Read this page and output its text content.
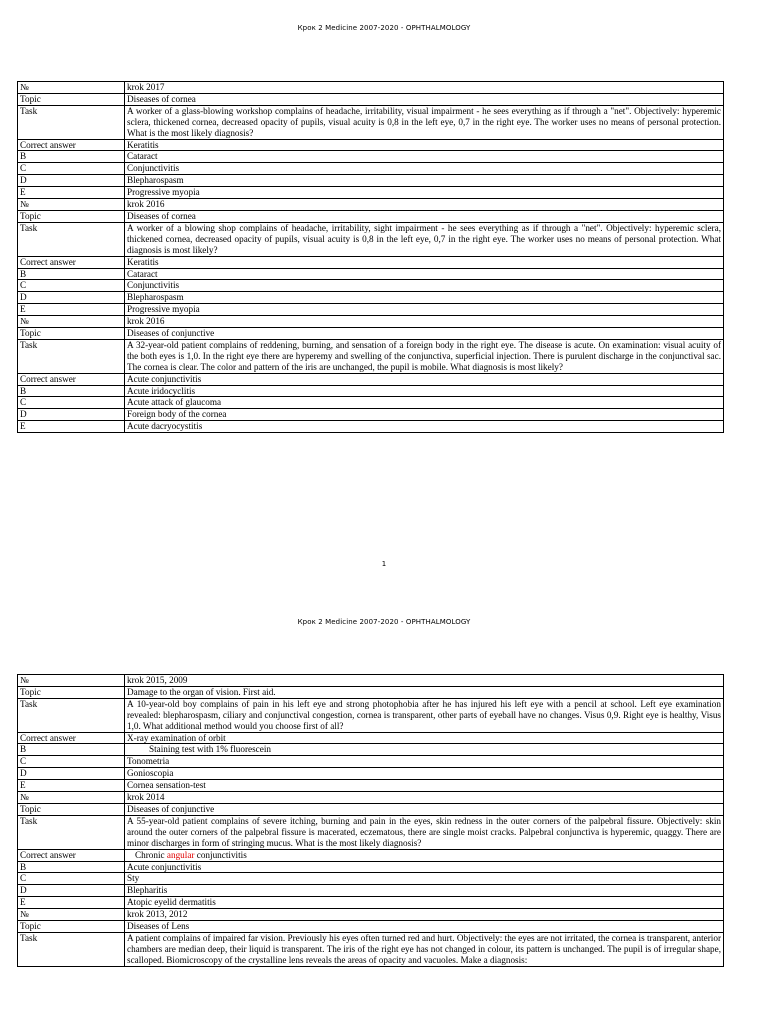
Крок 2 Medicine 2007-2020 - OPHTHALMOLOGY
№	krok 2017
Topic	Diseases of cornea
Task	A worker of a glass-blowing workshop complains of headache, irritability, visual impairment - he sees everything as if through a "net". Objectively: hyperemic sclera, thickened cornea, decreased opacity of pupils, visual acuity is 0,8 in the left eye, 0,7 in the right eye. The worker uses no means of personal protection. What is the most likely diagnosis?
Correct answer	Keratitis
B	Cataract
C	Conjunctivitis
D	Blepharospasm
E	Progressive myopia
№	krok 2016
Topic	Diseases of cornea
Task	A worker of a blowing shop complains of headache, irritability, sight impairment - he sees everything as if through a "net". Objectively: hyperemic sclera, thickened cornea, decreased opacity of pupils, visual acuity is 0,8 in the left eye, 0,7 in the right eye. The worker uses no means of personal protection. What diagnosis is most likely?
Correct answer	Keratitis
B	Cataract
C	Conjunctivitis
D	Blepharospasm
E	Progressive myopia
№	krok 2016
Topic	Diseases of conjunctive
Task	A 32-year-old patient complains of reddening, burning, and sensation of a foreign body in the right eye. The disease is acute. On examination: visual acuity of the both eyes is 1,0. In the right eye there are hyperemy and swelling of the conjunctiva, superficial injection. There is purulent discharge in the conjunctival sac. The cornea is clear. The color and pattern of the iris are unchanged, the pupil is mobile. What diagnosis is most likely?
Correct answer	Acute conjunctivitis
B	Acute iridocyclitis
C	Acute attack of glaucoma
D	Foreign body of the cornea
E	Acute dacryocystitis
1
Крок 2 Medicine 2007-2020 - OPHTHALMOLOGY
№	krok 2015, 2009
Topic	Damage to the organ of vision. First aid.
Task	A 10-year-old boy complains of pain in his left eye and strong photophobia after he has injured his left eye with a pencil at school. Left eye examination revealed: blepharospasm, ciliary and conjunctival congestion, cornea is transparent, other parts of eyeball have no changes. Visus 0,9. Right eye is healthy, Visus 1,0. What additional method would you choose first of all?
Correct answer	X-ray examination of orbit
B	Staining test with 1% fluorescein
C	Tonometria
D	Gonioscopia
E	Cornea sensation-test
№	krok 2014
Topic	Diseases of conjunctive
Task	A 55-year-old patient complains of severe itching, burning and pain in the eyes, skin redness in the outer corners of the palpebral fissure. Objectively: skin around the outer corners of the palpebral fissure is macerated, eczematous, there are single moist cracks. Palpebral conjunctiva is hyperemic, quaggy. There are minor discharges in form of stringing mucus. What is the most likely diagnosis?
Correct answer	Chronic angular conjunctivitis
B	Acute conjunctivitis
C	Sty
D	Blepharitis
E	Atopic eyelid dermatitis
№	krok 2013, 2012
Topic	Diseases of Lens
Task	A patient complains of impaired far vision. Previously his eyes often turned red and hurt. Objectively: the eyes are not irritated, the cornea is transparent, anterior chambers are median deep, their liquid is transparent. The iris of the right eye has not changed in colour, its pattern is unchanged. The pupil is of irregular shape, scalloped. Biomicroscopy of the crystalline lens reveals the areas of opacity and vacuoles. Make a diagnosis:
